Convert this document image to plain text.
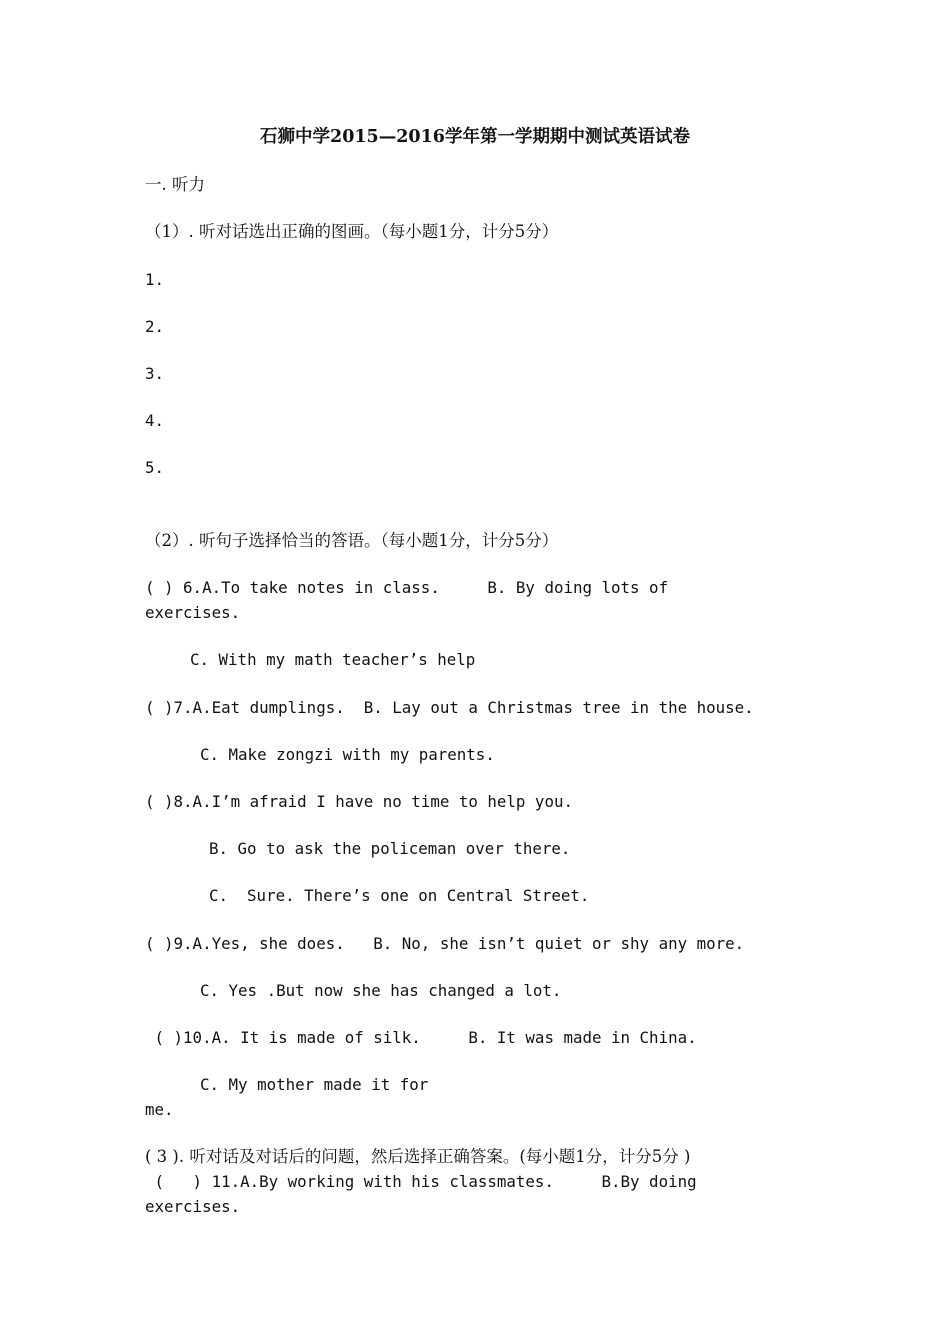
石狮中学2015—2016学年第一学期期中测试英语试卷
一. 听力
（1）. 听对话选出正确的图画。（每小题1分，计分5分）
1.
2.
3.
4.
5.
（2）. 听句子选择恰当的答语。（每小题1分，计分5分）
( ) 6.A.To take notes in class.     B. By doing lots of
exercises.
C. With my math teacher’s help
( )7.A.Eat dumplings.  B. Lay out a Christmas tree in the house.
C. Make zongzi with my parents.
( )8.A.I’m afraid I have no time to help you.
B. Go to ask the policeman over there.
C.  Sure. There’s one on Central Street.
( )9.A.Yes, she does.   B. No, she isn’t quiet or shy any more.
C. Yes .But now she has changed a lot.
( )10.A. It is made of silk.     B. It was made in China.
C. My mother made it for
me.
( 3 ). 听对话及对话后的问题，然后选择正确答案。(每小题1分，计分5分 )
(   ) 11.A.By working with his classmates.     B.By doing
exercises.
